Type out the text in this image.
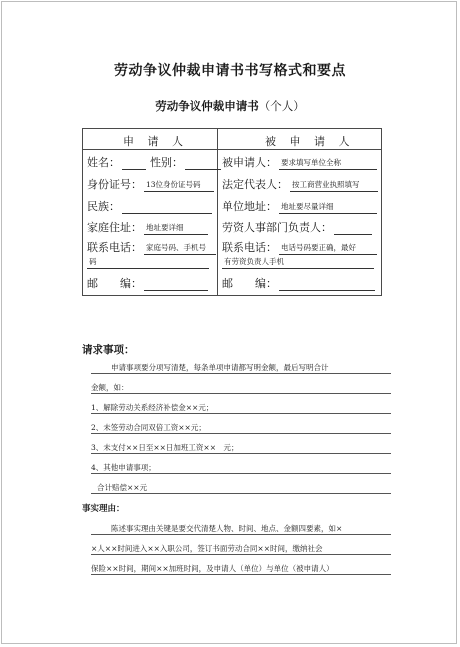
劳动争议仲裁申请书书写格式和要点
劳动争议仲裁申请书（个人）
申 请 人	被 申 请 人
姓名：	性别：
身份证号： 13位身份证号码
民族：
家庭住址： 地址要详细
联系电话： 家庭号码、手机号
码
邮　　编：
被申请人： 要求填写单位全称
法定代表人： 按工商营业执照填写
单位地址： 地址要尽量详细
劳资人事部门负责人：
联系电话： 电话号码要正确，最好
有劳资负责人手机
邮　　编：
请求事项：
申请事项要分项写清楚，每条单项申请都写明金额，最后写明合计
金额，如：
1、解除劳动关系经济补偿金××元；
2、未签劳动合同双倍工资××元；
3、未支付××日至××日加班工资××　元；
4、其他申请事项；
合计赔偿××元
事实理由：
陈述事实理由关键是要交代清楚人物、时间、地点、金额四要素，如×
×人××时间进入××入职公司，签订书面劳动合同××时间，缴纳社会
保险××时间，期间××加班时间，及申请人（单位）与单位（被申请人）
